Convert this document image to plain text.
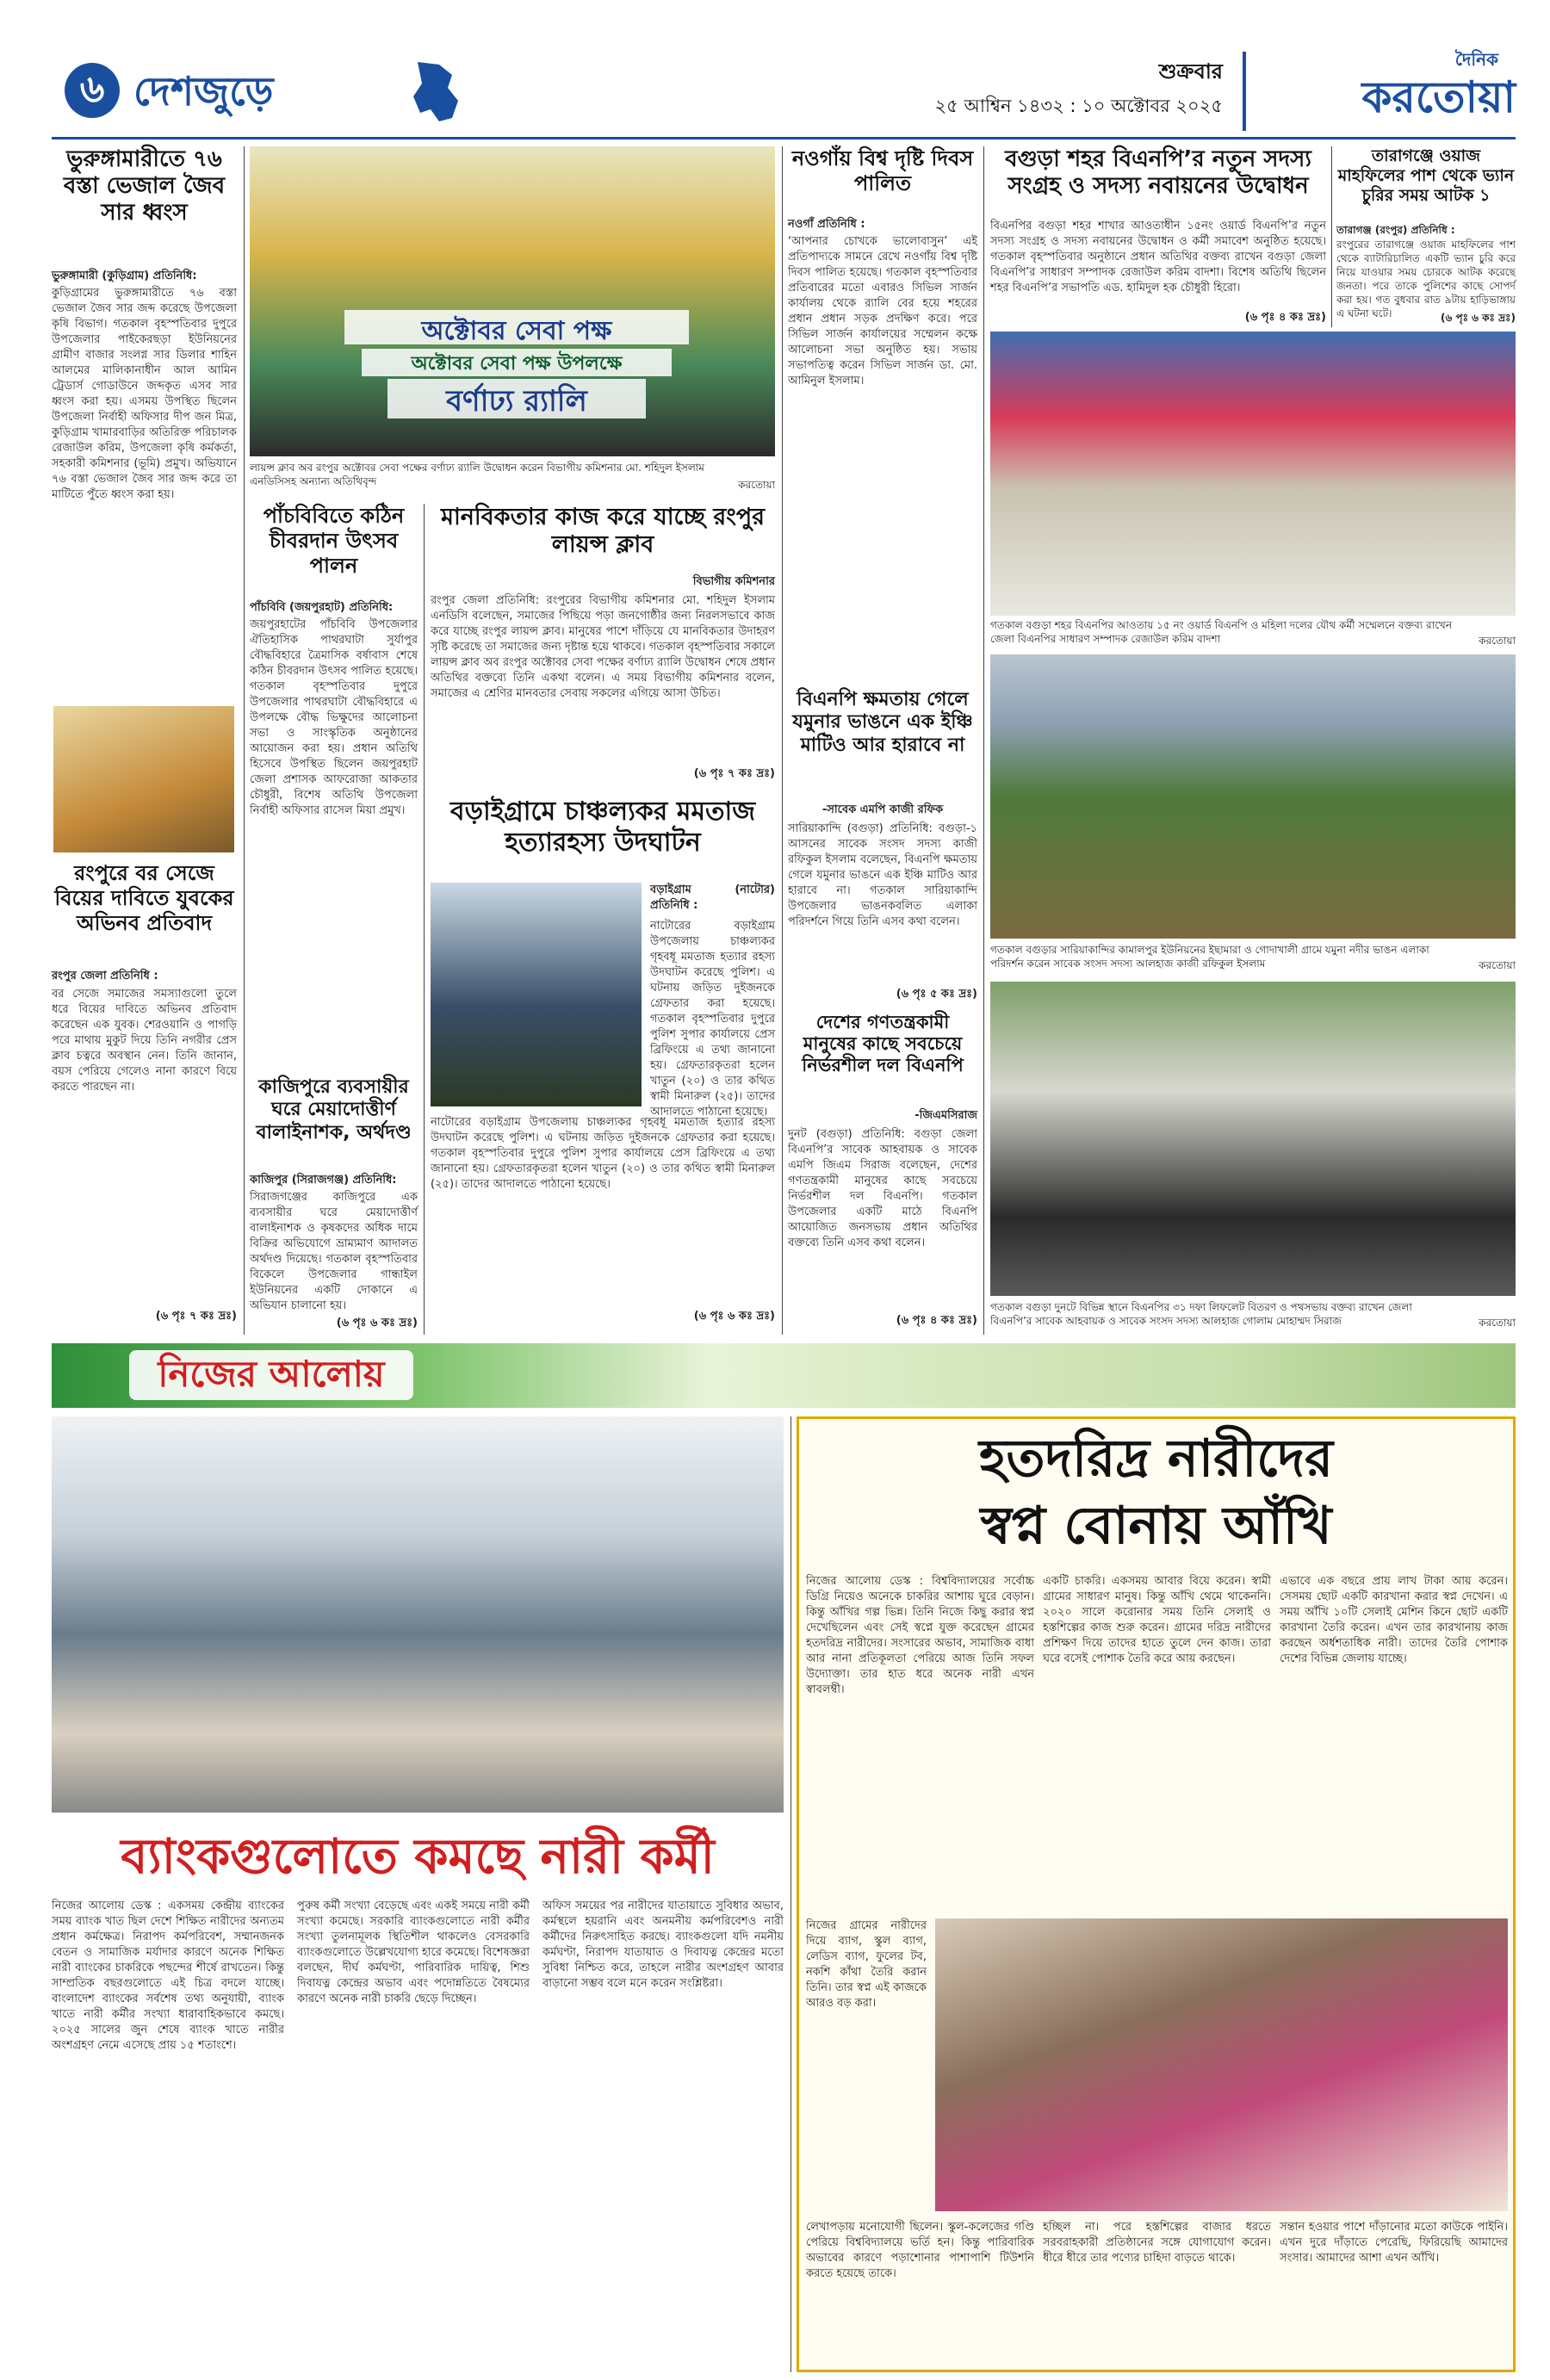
৬ দেশজুড়ে	শুক্রবার
২৫ আশ্বিন ১৪৩২ : ১০ অক্টোবর ২০২৫
দৈনিক
করতোয়া
ভুরুঙ্গামারীতে ৭৬ বস্তা ভেজাল জৈব সার ধ্বংস
ভুরুঙ্গামারী (কুড়িগ্রাম) প্রতিনিধি:
কুড়িগ্রামের ভুরুঙ্গামারীতে ৭৬ বস্তা ভেজাল জৈব সার জব্দ করেছে উপজেলা কৃষি বিভাগ। গতকাল বৃহস্পতিবার দুপুরে উপজেলার পাইকেরছড়া ইউনিয়নের গ্রামীণ বাজার সংলগ্ন সার ডিলার শাহিন আলমের মালিকানাধীন আল আমিন ট্রেডার্স গোডাউনে জব্দকৃত এসব সার ধ্বংস করা হয়। এসময় উপস্থিত ছিলেন উপজেলা নির্বাহী অফিসার দীপ জন মিত্র, কুড়িগ্রাম খামারবাড়ির অতিরিক্ত পরিচালক রেজাউল করিম, উপজেলা কৃষি কর্মকর্তা, সহকারী কমিশনার (ভূমি) প্রমুখ। অভিযানে ৭৬ বস্তা ভেজাল জৈব সার জব্দ করে তা মাটিতে পুঁতে ধ্বংস করা হয়।
রংপুরে বর সেজে বিয়ের দাবিতে যুবকের অভিনব প্রতিবাদ
রংপুর জেলা প্রতিনিধি :
বর সেজে সমাজের সমস্যাগুলো তুলে ধরে বিয়ের দাবিতে অভিনব প্রতিবাদ করেছেন এক যুবক। শেরওয়ানি ও পাগড়ি পরে মাথায় মুকুট দিয়ে তিনি নগরীর প্রেস ক্লাব চত্বরে অবস্থান নেন। তিনি জানান, বয়স পেরিয়ে গেলেও নানা কারণে বিয়ে করতে পারছেন না।
(৬ পৃঃ ৭ কঃ দ্রঃ)
অক্টোবর সেবা পক্ষ
অক্টোবর সেবা পক্ষ উপলক্ষে
বর্ণাঢ্য র‍্যালি
লায়ন্স ক্লাব অব রংপুর অক্টোবর সেবা পক্ষের বর্ণাঢ্য র‍্যালি উদ্বোধন করেন বিভাগীয় কমিশনার মো. শহিদুল ইসলাম এনডিসিসহ অন্যান্য অতিথিবৃন্দ	করতোয়া
পাঁচবিবিতে কঠিন চীবরদান উৎসব পালন
পাঁচবিবি (জয়পুরহাট) প্রতিনিধি:
জয়পুরহাটের পাঁচবিবি উপজেলার ঐতিহাসিক পাথরঘাটা সুর্যাপুর বৌদ্ধবিহারে ত্রৈমাসিক বর্ষাবাস শেষে কঠিন চীবরদান উৎসব পালিত হয়েছে। গতকাল বৃহস্পতিবার দুপুরে উপজেলার পাথরঘাটা বৌদ্ধবিহারে এ উপলক্ষে বৌদ্ধ ভিক্ষুদের আলোচনা সভা ও সাংস্কৃতিক অনুষ্ঠানের আয়োজন করা হয়। প্রধান অতিথি হিসেবে উপস্থিত ছিলেন জয়পুরহাট জেলা প্রশাসক আফরোজা আকতার চৌধুরী, বিশেষ অতিথি উপজেলা নির্বাহী অফিসার রাসেল মিয়া প্রমুখ।
কাজিপুরে ব্যবসায়ীর ঘরে মেয়াদোত্তীর্ণ বালাইনাশক, অর্থদণ্ড
কাজিপুর (সিরাজগঞ্জ) প্রতিনিধি:
সিরাজগঞ্জের কাজিপুরে এক ব্যবসায়ীর ঘরে মেয়াদোত্তীর্ণ বালাইনাশক ও কৃষকদের অধিক দামে বিক্রির অভিযোগে ভ্রাম্যমাণ আদালত অর্থদণ্ড দিয়েছে। গতকাল বৃহস্পতিবার বিকেলে উপজেলার গান্ধাইল ইউনিয়নের একটি দোকানে এ অভিযান চালানো হয়।
(৬ পৃঃ ৬ কঃ দ্রঃ)
মানবিকতার কাজ করে যাচ্ছে রংপুর লায়ন্স ক্লাব
বিভাগীয় কমিশনার
রংপুর জেলা প্রতিনিধি: রংপুরের বিভাগীয় কমিশনার মো. শহিদুল ইসলাম এনডিসি বলেছেন, সমাজের পিছিয়ে পড়া জনগোষ্ঠীর জন্য নিরলসভাবে কাজ করে যাচ্ছে রংপুর লায়ন্স ক্লাব। মানুষের পাশে দাঁড়িয়ে যে মানবিকতার উদাহরণ সৃষ্টি করেছে তা সমাজের জন্য দৃষ্টান্ত হয়ে থাকবে। গতকাল বৃহস্পতিবার সকালে লায়ন্স ক্লাব অব রংপুর অক্টোবর সেবা পক্ষের বর্ণাঢ্য র‍্যালি উদ্বোধন শেষে প্রধান অতিথির বক্তব্যে তিনি একথা বলেন। এ সময় বিভাগীয় কমিশনার বলেন, সমাজের এ শ্রেণির মানবতার সেবায় সকলের এগিয়ে আসা উচিত।
(৬ পৃঃ ৭ কঃ দ্রঃ)
বড়াইগ্রামে চাঞ্চল্যকর মমতাজ হত্যারহস্য উদঘাটন
বড়াইগ্রাম (নাটোর) প্রতিনিধি :
নাটোরের বড়াইগ্রাম উপজেলায় চাঞ্চল্যকর গৃহবধূ মমতাজ হত্যার রহস্য উদঘাটন করেছে পুলিশ। এ ঘটনায় জড়িত দুইজনকে গ্রেফতার করা হয়েছে। গতকাল বৃহস্পতিবার দুপুরে পুলিশ সুপার কার্যালয়ে প্রেস ব্রিফিংয়ে এ তথ্য জানানো হয়। গ্রেফতারকৃতরা হলেন খাতুন (২০) ও তার কথিত স্বামী মিনারুল (২৫)। তাদের আদালতে পাঠানো হয়েছে।
নাটোরের বড়াইগ্রাম উপজেলায় চাঞ্চল্যকর গৃহবধূ মমতাজ হত্যার রহস্য উদঘাটন করেছে পুলিশ। এ ঘটনায় জড়িত দুইজনকে গ্রেফতার করা হয়েছে। গতকাল বৃহস্পতিবার দুপুরে পুলিশ সুপার কার্যালয়ে প্রেস ব্রিফিংয়ে এ তথ্য জানানো হয়। গ্রেফতারকৃতরা হলেন খাতুন (২০) ও তার কথিত স্বামী মিনারুল (২৫)। তাদের আদালতে পাঠানো হয়েছে।
(৬ পৃঃ ৬ কঃ দ্রঃ)
নওগাঁয় বিশ্ব দৃষ্টি দিবস পালিত
নওগাঁ প্রতিনিধি :
‘আপনার চোখকে ভালোবাসুন’ এই প্রতিপাদ্যকে সামনে রেখে নওগাঁয় বিশ্ব দৃষ্টি দিবস পালিত হয়েছে। গতকাল বৃহস্পতিবার প্রতিবারের মতো এবারও সিভিল সার্জন কার্যালয় থেকে র‍্যালি বের হয়ে শহরের প্রধান প্রধান সড়ক প্রদক্ষিণ করে। পরে সিভিল সার্জন কার্যালয়ের সম্মেলন কক্ষে আলোচনা সভা অনুষ্ঠিত হয়। সভায় সভাপতিত্ব করেন সিভিল সার্জন ডা. মো. আমিনুল ইসলাম।
বিএনপি ক্ষমতায় গেলে যমুনার ভাঙনে এক ইঞ্চি মাটিও আর হারাবে না
-সাবেক এমপি কাজী রফিক
সারিয়াকান্দি (বগুড়া) প্রতিনিধি: বগুড়া-১ আসনের সাবেক সংসদ সদস্য কাজী রফিকুল ইসলাম বলেছেন, বিএনপি ক্ষমতায় গেলে যমুনার ভাঙনে এক ইঞ্চি মাটিও আর হারাবে না। গতকাল সারিয়াকান্দি উপজেলার ভাঙনকবলিত এলাকা পরিদর্শনে গিয়ে তিনি এসব কথা বলেন।
(৬ পৃঃ ৫ কঃ দ্রঃ)
দেশের গণতন্ত্রকামী মানুষের কাছে সবচেয়ে নির্ভরশীল দল বিএনপি
-জিএমসিরাজ
দুনট (বগুড়া) প্রতিনিধি: বগুড়া জেলা বিএনপি’র সাবেক আহবায়ক ও সাবেক এমপি জিএম সিরাজ বলেছেন, দেশের গণতন্ত্রকামী মানুষের কাছে সবচেয়ে নির্ভরশীল দল বিএনপি। গতকাল উপজেলার একটি মাঠে বিএনপি আয়োজিত জনসভায় প্রধান অতিথির বক্তব্যে তিনি এসব কথা বলেন।
(৬ পৃঃ ৪ কঃ দ্রঃ)
বগুড়া শহর বিএনপি’র নতুন সদস্য সংগ্রহ ও সদস্য নবায়নের উদ্বোধন
বিএনপির বগুড়া শহর শাখার আওতাধীন ১৫নং ওয়ার্ড বিএনপি’র নতুন সদস্য সংগ্রহ ও সদস্য নবায়নের উদ্বোধন ও কর্মী সমাবেশ অনুষ্ঠিত হয়েছে। গতকাল বৃহস্পতিবার অনুষ্ঠানে প্রধান অতিথির বক্তব্য রাখেন বগুড়া জেলা বিএনপি’র সাধারণ সম্পাদক রেজাউল করিম বাদশা। বিশেষ অতিথি ছিলেন শহর বিএনপি’র সভাপতি এড. হামিদুল হক চৌধুরী হিরো।
(৬ পৃঃ ৪ কঃ দ্রঃ)
তারাগঞ্জে ওয়াজ মাহফিলের পাশ থেকে ভ্যান চুরির সময় আটক ১
তারাগঞ্জ (রংপুর) প্রতিনিধি :
রংপুরের তারাগঞ্জে ওয়াজ মাহফিলের পাশ থেকে ব্যাটারিচালিত একটি ভ্যান চুরি করে নিয়ে যাওয়ার সময় চোরকে আটক করেছে জনতা। পরে তাকে পুলিশের কাছে সোপর্দ করা হয়। গত বুধবার রাত ৯টায় হাড়িভাঙ্গায় এ ঘটনা ঘটে।	(৬ পৃঃ ৬ কঃ দ্রঃ)
গতকাল বগুড়া শহর বিএনপির আওতায় ১৫ নং ওয়ার্ড বিএনপি ও মহিলা দলের যৌথ কর্মী সম্মেলনে বক্তব্য রাখেন জেলা বিএনপির সাধারণ সম্পাদক রেজাউল করিম বাদশা	করতোয়া
গতকাল বগুড়ার সারিয়াকান্দির কামালপুর ইউনিয়নের ইছামারা ও গোদাখালী গ্রামে যমুনা নদীর ভাঙন এলাকা পরিদর্শন করেন সাবেক সংসদ সদস্য আলহাজ কাজী রফিকুল ইসলাম	করতোয়া
গতকাল বগুড়া দুনটে বিভিন্ন স্থানে বিএনপির ৩১ দফা লিফলেট বিতরণ ও পথসভায় বক্তব্য রাখেন জেলা বিএনপি’র সাবেক আহবায়ক ও সাবেক সংসদ সদস্য আলহাজ গোলাম মোহাম্মদ সিরাজ	করতোয়া
নিজের আলোয়
ব্যাংকগুলোতে কমছে নারী কর্মী
নিজের আলোয় ডেস্ক : একসময় কেন্দ্রীয় ব্যাংকের সময় ব্যাংক খাত ছিল দেশে শিক্ষিত নারীদের অন্যতম প্রধান কর্মক্ষেত্র। নিরাপদ কর্মপরিবেশ, সম্মানজনক বেতন ও সামাজিক মর্যাদার কারণে অনেক শিক্ষিত নারী ব্যাংকের চাকরিকে পছন্দের শীর্ষে রাখতেন। কিন্তু সাম্প্রতিক বছরগুলোতে এই চিত্র বদলে যাচ্ছে। বাংলাদেশ ব্যাংকের সর্বশেষ তথ্য অনুযায়ী, ব্যাংক খাতে নারী কর্মীর সংখ্যা ধারাবাহিকভাবে কমছে। ২০২৫ সালের জুন শেষে ব্যাংক খাতে নারীর অংশগ্রহণ নেমে এসেছে প্রায় ১৫ শতাংশে।
পুরুষ কর্মী সংখ্যা বেড়েছে এবং একই সময়ে নারী কর্মী সংখ্যা কমেছে। সরকারি ব্যাংকগুলোতে নারী কর্মীর সংখ্যা তুলনামূলক স্থিতিশীল থাকলেও বেসরকারি ব্যাংকগুলোতে উল্লেখযোগ্য হারে কমেছে। বিশেষজ্ঞরা বলছেন, দীর্ঘ কর্মঘণ্টা, পারিবারিক দায়িত্ব, শিশু দিবাযত্ন কেন্দ্রের অভাব এবং পদোন্নতিতে বৈষম্যের কারণে অনেক নারী চাকরি ছেড়ে দিচ্ছেন।
অফিস সময়ের পর নারীদের যাতায়াতে সুবিধার অভাব, কর্মস্থলে হয়রানি এবং অনমনীয় কর্মপরিবেশও নারী কর্মীদের নিরুৎসাহিত করছে। ব্যাংকগুলো যদি নমনীয় কর্মঘণ্টা, নিরাপদ যাতায়াত ও দিবাযত্ন কেন্দ্রের মতো সুবিধা নিশ্চিত করে, তাহলে নারীর অংশগ্রহণ আবার বাড়ানো সম্ভব বলে মনে করেন সংশ্লিষ্টরা।
হতদরিদ্র নারীদের
স্বপ্ন বোনায় আঁখি
নিজের আলোয় ডেস্ক : বিশ্ববিদ্যালয়ের সর্বোচ্চ ডিগ্রি নিয়েও অনেকে চাকরির আশায় ঘুরে বেড়ান। কিন্তু আঁখির গল্প ভিন্ন। তিনি নিজে কিছু করার স্বপ্ন দেখেছিলেন এবং সেই স্বপ্নে যুক্ত করেছেন গ্রামের হতদরিদ্র নারীদের। সংসারের অভাব, সামাজিক বাধা আর নানা প্রতিকূলতা পেরিয়ে আজ তিনি সফল উদ্যোক্তা। তার হাত ধরে অনেক নারী এখন স্বাবলম্বী।
একটি চাকরি। একসময় আবার বিয়ে করেন। স্বামী গ্রামের সাধারণ মানুষ। কিন্তু আঁখি থেমে থাকেননি। ২০২০ সালে করোনার সময় তিনি সেলাই ও হস্তশিল্পের কাজ শুরু করেন। গ্রামের দরিদ্র নারীদের প্রশিক্ষণ দিয়ে তাদের হাতে তুলে দেন কাজ। তারা ঘরে বসেই পোশাক তৈরি করে আয় করছেন।
এভাবে এক বছরে প্রায় লাখ টাকা আয় করেন। সেসময় ছোট একটি কারখানা করার স্বপ্ন দেখেন। এ সময় আঁখি ১০টি সেলাই মেশিন কিনে ছোট একটি কারখানা তৈরি করেন। এখন তার কারখানায় কাজ করছেন অর্ধশতাধিক নারী। তাদের তৈরি পোশাক দেশের বিভিন্ন জেলায় যাচ্ছে।
নিজের গ্রামের নারীদের দিয়ে ব্যাগ, স্কুল ব্যাগ, লেডিস ব্যাগ, ফুলের টব, নকশি কাঁথা তৈরি করান তিনি। তার স্বপ্ন এই কাজকে আরও বড় করা।
লেখাপড়ায় মনোযোগী ছিলেন। স্কুল-কলেজের গণ্ডি পেরিয়ে বিশ্ববিদ্যালয়ে ভর্তি হন। কিন্তু পারিবারিক অভাবের কারণে পড়াশোনার পাশাপাশি টিউশনি করতে হয়েছে তাকে।
হচ্ছিল না। পরে হস্তশিল্পের বাজার ধরতে সরবরাহকারী প্রতিষ্ঠানের সঙ্গে যোগাযোগ করেন। ধীরে ধীরে তার পণ্যের চাহিদা বাড়তে থাকে।
সন্তান হওয়ার পাশে দাঁড়ানোর মতো কাউকে পাইনি। এখন দুরে দাঁড়াতে পেরেছি, ফিরিয়েছি আমাদের সংসার। আমাদের আশা এখন আঁখি।
